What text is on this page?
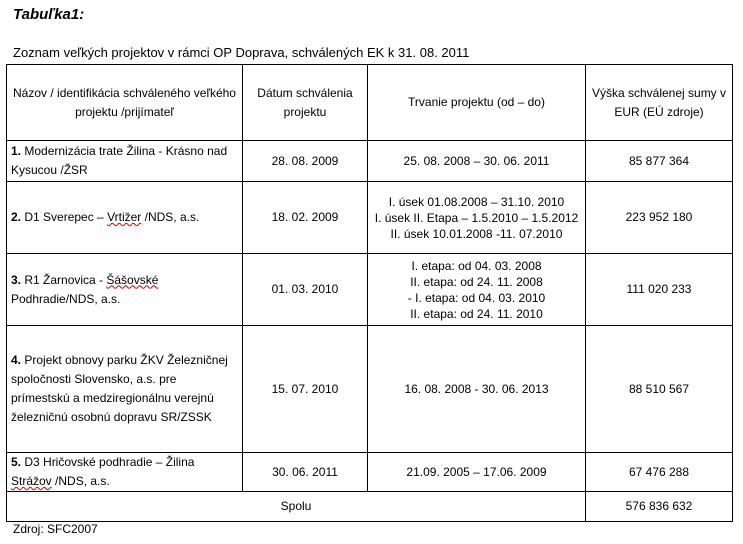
Tabuľka1:
Zoznam veľkých projektov v rámci OP Doprava, schválených EK k 31. 08. 2011
Názov / identifikácia schváleného veľkého projektu /prijímateľ	Dátum schválenia projektu	Trvanie projektu (od – do)	Výška schválenej sumy v EUR (EÚ zdroje)
1. Modernizácia trate Žilina - Krásno nad Kysucou /ŽSR	28. 08. 2009	25. 08. 2008 – 30. 06. 2011	85 877 364
2. D1 Sverepec – Vrtižer /NDS, a.s.	18. 02. 2009	I. úsek 01.08.2008 – 31.10. 2010
I. úsek II. Etapa – 1.5.2010 – 1.5.2012
II. úsek 10.01.2008 -11. 07.2010	223 952 180
3. R1 Žarnovica - Šášovské Podhradie/NDS, a.s.	01. 03. 2010	I. etapa: od 04. 03. 2008
II. etapa: od 24. 11. 2008
- I. etapa: od 04. 03. 2010
II. etapa: od 24. 11. 2010	111 020 233
4. Projekt obnovy parku ŽKV Železničnej spoločnosti Slovensko, a.s. pre prímestskú a medziregionálnu verejnú železničnú osobnú dopravu SR/ZSSK	15. 07. 2010	16. 08. 2008 - 30. 06. 2013	88 510 567
5. D3 Hričovské podhradie – Žilina Strážov /NDS, a.s.	30. 06. 2011	21.09. 2005 – 17.06. 2009	67 476 288
Spolu			576 836 632
Zdroj: SFC2007
